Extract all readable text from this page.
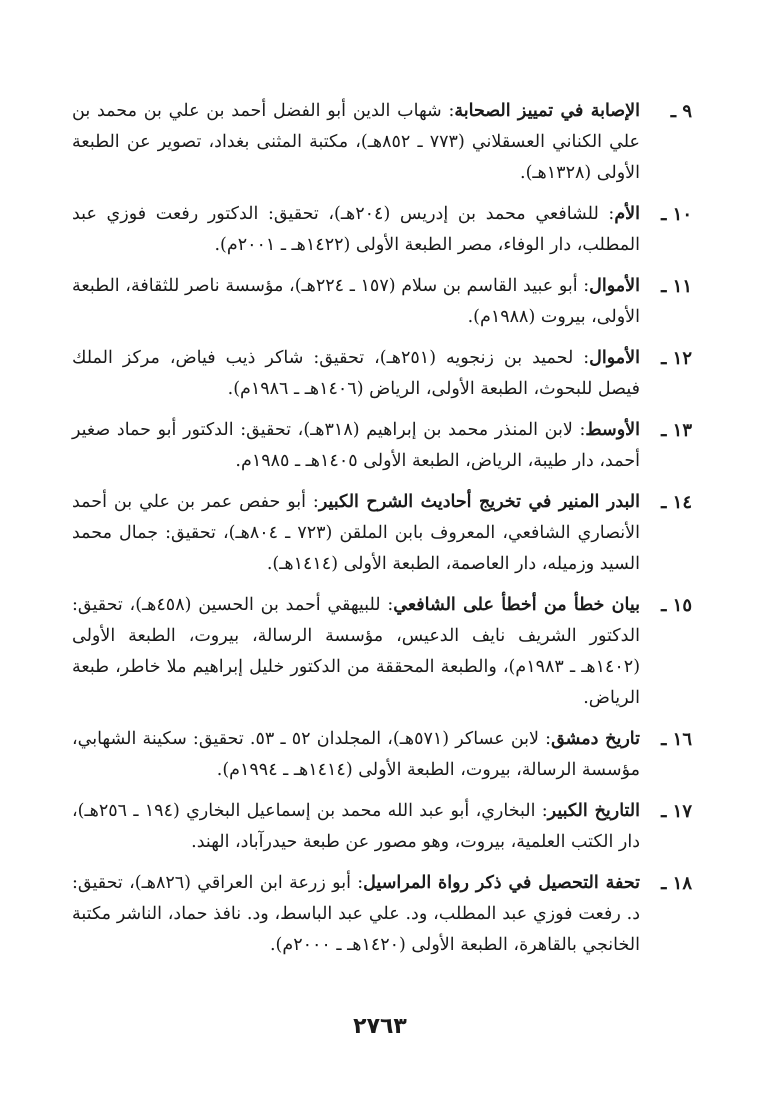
٩ ـ
الإصابة في تمييز الصحابة: شهاب الدين أبو الفضل أحمد بن علي بن محمد بن علي الكناني العسقلاني (٧٧٣ ـ ٨٥٢هـ)، مكتبة المثنى بغداد، تصوير عن الطبعة الأولى (١٣٢٨هـ).
١٠ ـ
الأم: للشافعي محمد بن إدريس (٢٠٤هـ)، تحقيق: الدكتور رفعت فوزي عبد المطلب، دار الوفاء، مصر الطبعة الأولى (١٤٢٢هـ ـ ٢٠٠١م).
١١ ـ
الأموال: أبو عبيد القاسم بن سلام (١٥٧ ـ ٢٢٤هـ)، مؤسسة ناصر للثقافة، الطبعة الأولى، بيروت (١٩٨٨م).
١٢ ـ
الأموال: لحميد بن زنجويه (٢٥١هـ)، تحقيق: شاكر ذيب فياض، مركز الملك فيصل للبحوث، الطبعة الأولى، الرياض (١٤٠٦هـ ـ ١٩٨٦م).
١٣ ـ
الأوسط: لابن المنذر محمد بن إبراهيم (٣١٨هـ)، تحقيق: الدكتور أبو حماد صغير أحمد، دار طيبة، الرياض، الطبعة الأولى ١٤٠٥هـ ـ ١٩٨٥م.
١٤ ـ
البدر المنير في تخريج أحاديث الشرح الكبير: أبو حفص عمر بن علي بن أحمد الأنصاري الشافعي، المعروف بابن الملقن (٧٢٣ ـ ٨٠٤هـ)، تحقيق: جمال محمد السيد وزميله، دار العاصمة، الطبعة الأولى (١٤١٤هـ).
١٥ ـ
بيان خطأ من أخطأ على الشافعي: للبيهقي أحمد بن الحسين (٤٥٨هـ)، تحقيق: الدكتور الشريف نايف الدعيس، مؤسسة الرسالة، بيروت، الطبعة الأولى (١٤٠٢هـ ـ ١٩٨٣م)، والطبعة المحققة من الدكتور خليل إبراهيم ملا خاطر، طبعة الرياض.
١٦ ـ
تاريخ دمشق: لابن عساكر (٥٧١هـ)، المجلدان ٥٢ ـ ٥٣. تحقيق: سكينة الشهابي، مؤسسة الرسالة، بيروت، الطبعة الأولى (١٤١٤هـ ـ ١٩٩٤م).
١٧ ـ
التاريخ الكبير: البخاري، أبو عبد الله محمد بن إسماعيل البخاري (١٩٤ ـ ٢٥٦هـ)، دار الكتب العلمية، بيروت، وهو مصور عن طبعة حيدرآباد، الهند.
١٨ ـ
تحفة التحصيل في ذكر رواة المراسيل: أبو زرعة ابن العراقي (٨٢٦هـ)، تحقيق: د. رفعت فوزي عبد المطلب، ود. علي عبد الباسط، ود. نافذ حماد، الناشر مكتبة الخانجي بالقاهرة، الطبعة الأولى (١٤٢٠هـ ـ ٢٠٠٠م).
٢٧٦٣
